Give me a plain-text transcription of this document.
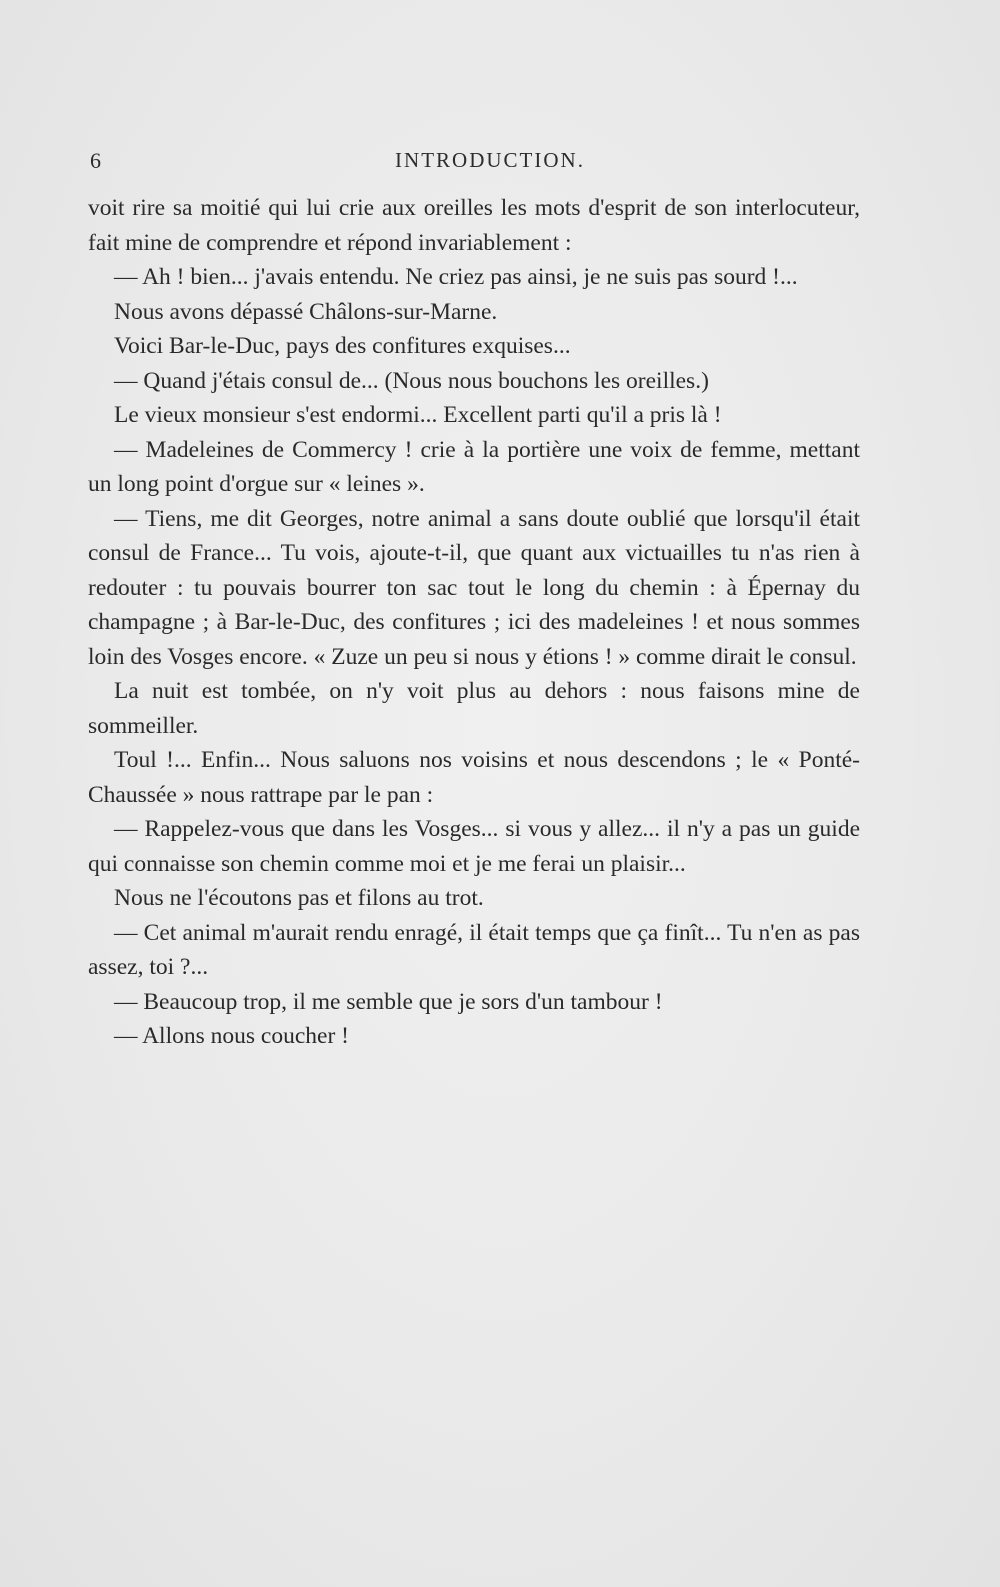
6	INTRODUCTION.

voit rire sa moitié qui lui crie aux oreilles les mots d'esprit de son interlocuteur, fait mine de comprendre et répond invariablement :

— Ah ! bien... j'avais entendu. Ne criez pas ainsi, je ne suis pas sourd !...

Nous avons dépassé Châlons-sur-Marne.

Voici Bar-le-Duc, pays des confitures exquises...

— Quand j'étais consul de... (Nous nous bouchons les oreilles.)

Le vieux monsieur s'est endormi... Excellent parti qu'il a pris là !

— Madeleines de Commercy ! crie à la portière une voix de femme, mettant un long point d'orgue sur « leines ».

— Tiens, me dit Georges, notre animal a sans doute oublié que lorsqu'il était consul de France... Tu vois, ajoute-t-il, que quant aux victuailles tu n'as rien à redouter : tu pouvais bourrer ton sac tout le long du chemin : à Épernay du champagne ; à Bar-le-Duc, des confitures ; ici des madeleines ! et nous sommes loin des Vosges encore. « Zuze un peu si nous y étions ! » comme dirait le consul.

La nuit est tombée, on n'y voit plus au dehors : nous faisons mine de sommeiller.

Toul !... Enfin... Nous saluons nos voisins et nous descendons ; le « Ponté-Chaussée » nous rattrape par le pan :

— Rappelez-vous que dans les Vosges... si vous y allez... il n'y a pas un guide qui connaisse son chemin comme moi et je me ferai un plaisir...

Nous ne l'écoutons pas et filons au trot.

— Cet animal m'aurait rendu enragé, il était temps que ça finît... Tu n'en as pas assez, toi ?...

— Beaucoup trop, il me semble que je sors d'un tambour !

— Allons nous coucher !
